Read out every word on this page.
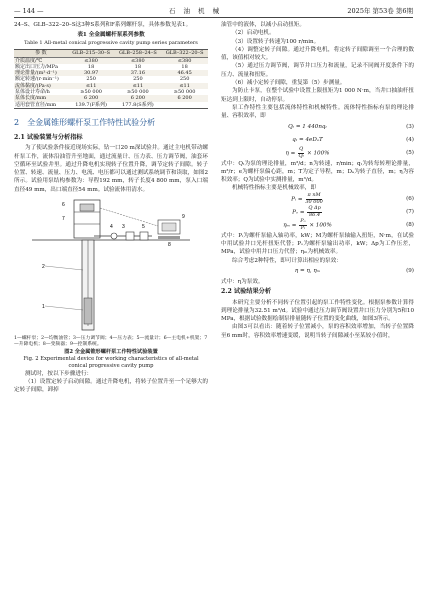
— 144 —	石 油 机 械	2025年 第53卷 第6期

24–S、GLB–322–20–S这3种S系列和F系列螺杆泵，具体参数见表1。

表1 全金属螺杆泵系列参数
Table 1 All-metal conical progressive cavity pump series parameters
参 数	GLB–215–30–S	GLB–258–24–S	GLB–322–20–S
介质温度/℃	≤380	≤380	≤380
额定出口压力/MPa	18	18	18
理论排量/(m³·d⁻¹)	30.97	37.16	46.45
额定转速/(r·min⁻¹)	250	250	250
流体黏度/(Pa·s)	≤11	≤11	≤11
泵体设计寿命/h	≥50 000	≥50 000	≥50 000
泵体长度/mm	6 200	6 200	6 200
适用套管直径/mm	139.7(F系列)	177.8(S系列)	
2 全金属锥形螺杆泵工作特性试验分析
2.1 试验装置与分析指标

为了使试验条件接近现场实际，钻一口20 m深试验井。通过主电机带动螺杆泵工作，流体沿油管升至地面，通过流量计、压力表、压力调节阀，油套环空循环至试验井里。通过升降电机实现转子位置升降，调节定转子间隙。转子位置、转速、流量、压力、电流、电压都可以通过测试系统调节和读取，如图2所示。试验用泵结构参数为：导程192 mm，转子长度4 800 mm，泵入口端直径49 mm，出口端直径54 mm。试验流体用清水。

1
2
3
4	5
6
7
8
9
1—螺杆泵；2—均衡油管；3—压力调节阀；4—压力表；5—流量计；6—主电机+机架；7—升降电机；8—变频器；9—控制系统。
图2 全金属锥形螺杆泵工作特性试验装置
Fig. 2 Experimental device for working characteristics of all-metal conical progressive cavity pump

测试时，按以下步骤进行：

（1）设置定转子启动间隙。通过升降电机，将转子位置升至一个足够大的定转子间隙，卸掉

油管中的液体，以减小启动扭矩。

（2）启动电机。

（3）设置转子转速为100 r/min。

（4）调整定转子间隙。通过升降电机，将定转子间隙调至一个合理的数值，该值相对较大。

（5）通过压力调节阀，调节井口压力和流量，记录不同阀开度条件下的压力、流量和扭矩。

（6）减小定转子间隙，重复第（5）步测量。

为防止卡泵，在整个试验中设置上限扭矩为1 000 N·m，当井口抽油杆扭矩达到上限时，自动停泵。

泵工作特性主要包括流体特性和机械特性。流体特性指标有泵的理论排量、容积效率，即

Qₜ = 1 440nqₜ	(3)
qₜ = 4eDₐT	(4)
$\eta = \frac{Q}{\text{Qₜ}} \times 100\%$	(5)

式中：Qₜ为泵的理论排量，m³/d；n为转速，r/min；qₜ为转每转理论排量，m³/r；e为螺杆泵偏心距，m；T为定子导程，m；Dₐ为转子直径，m；η为容积效率；Q为试验中实测排量，m³/d。

机械特性指标主要是机械效率，即

Pᵢ = $\frac{\text{π nM}}{30 000}$	(6)
$P_o = \frac{\text{Q Δp}}{86.4}$	(7)
$\eta_m = \frac{\text{Pₒ}}{\text{Pᵢ}} \times 100\%$	(8)

式中：Pᵢ为螺杆泵输入轴功率，kW；M为螺杆泵轴输入扭矩，N·m，在试验中用试验井口光杆扭矩代替；Pₒ为螺杆泵输出功率，kW；Δp为工作压差，MPa，试验中用井口压力代替；ηₘ为机械效率。

综合考虑2种特性，即可计算出相应的泵效：

η = η, ηₘ	(9)

式中：η为泵效。

2.2 试验结果分析

本研究主要分析不同转子位置引起的泵工作特性变化。根据泵参数计算得到理论排量为32.51 m³/d。试验中通过压力调节阀设置井口压力分别为5和10 MPa，根据试验数据绘制泵排量随转子位置的变化曲线，如图3所示。

由图3可以看出：随着转子位置减小，泵的容积效率增加，当转子位置降至6 mm时，容积效率增速变缓，说明当转子间隙减小至某较小值时，
